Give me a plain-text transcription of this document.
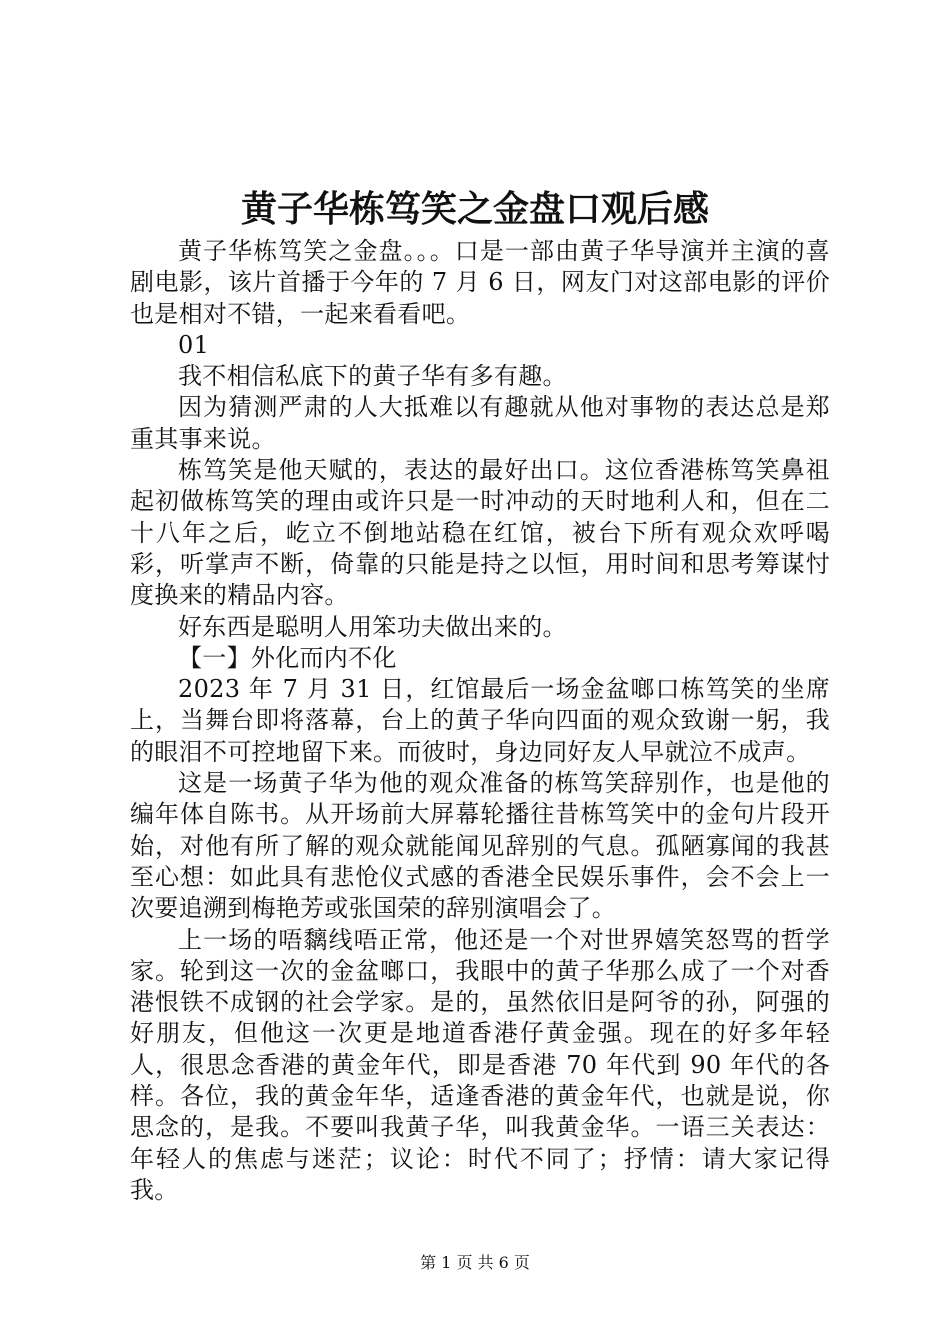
黄子华栋笃笑之金盘口观后感

黄子华栋笃笑之金盘。。。口是一部由黄子华导演并主演的喜剧电影，该片首播于今年的 7 月 6 日，网友门对这部电影的评价也是相对不错，一起来看看吧。

01

我不相信私底下的黄子华有多有趣。

因为猜测严肃的人大抵难以有趣就从他对事物的表达总是郑重其事来说。

栋笃笑是他天赋的，表达的最好出口。这位香港栋笃笑鼻祖起初做栋笃笑的理由或许只是一时冲动的天时地利人和，但在二十八年之后，屹立不倒地站稳在红馆，被台下所有观众欢呼喝彩，听掌声不断，倚靠的只能是持之以恒，用时间和思考筹谋忖度换来的精品内容。

好东西是聪明人用笨功夫做出来的。

【一】外化而内不化

2023 年 7 月 31 日，红馆最后一场金盆啷口栋笃笑的坐席上，当舞台即将落幕，台上的黄子华向四面的观众致谢一躬，我的眼泪不可控地留下来。而彼时，身边同好友人早就泣不成声。

这是一场黄子华为他的观众准备的栋笃笑辞别作，也是他的编年体自陈书。从开场前大屏幕轮播往昔栋笃笑中的金句片段开始，对他有所了解的观众就能闻见辞别的气息。孤陋寡闻的我甚至心想：如此具有悲怆仪式感的香港全民娱乐事件，会不会上一次要追溯到梅艳芳或张国荣的辞别演唱会了。

上一场的唔黐线唔正常，他还是一个对世界嬉笑怒骂的哲学家。轮到这一次的金盆啷口，我眼中的黄子华那么成了一个对香港恨铁不成钢的社会学家。是的，虽然依旧是阿爷的孙，阿强的好朋友，但他这一次更是地道香港仔黄金强。现在的好多年轻人，很思念香港的黄金年代，即是香港 70 年代到 90 年代的各样。各位，我的黄金年华，适逢香港的黄金年代，也就是说，你思念的，是我。不要叫我黄子华，叫我黄金华。一语三关表达：年轻人的焦虑与迷茫；议论：时代不同了；抒情：请大家记得我。

第 1 页 共 6 页
